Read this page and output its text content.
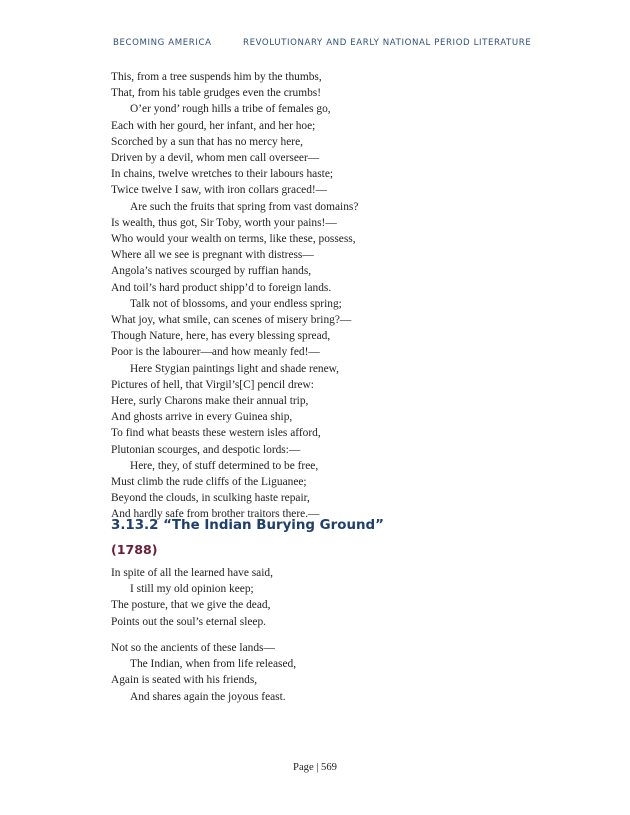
BECOMING AMERICA	REVOLUTIONARY AND EARLY NATIONAL PERIOD LITERATURE
This, from a tree suspends him by the thumbs,
That, from his table grudges even the crumbs!
O’er yond’ rough hills a tribe of females go,
Each with her gourd, her infant, and her hoe;
Scorched by a sun that has no mercy here,
Driven by a devil, whom men call overseer—
In chains, twelve wretches to their labours haste;
Twice twelve I saw, with iron collars graced!—
Are such the fruits that spring from vast domains?
Is wealth, thus got, Sir Toby, worth your pains!—
Who would your wealth on terms, like these, possess,
Where all we see is pregnant with distress—
Angola’s natives scourged by ruffian hands,
And toil’s hard product shipp’d to foreign lands.
Talk not of blossoms, and your endless spring;
What joy, what smile, can scenes of misery bring?—
Though Nature, here, has every blessing spread,
Poor is the labourer—and how meanly fed!—
Here Stygian paintings light and shade renew,
Pictures of hell, that Virgil’s[C] pencil drew:
Here, surly Charons make their annual trip,
And ghosts arrive in every Guinea ship,
To find what beasts these western isles afford,
Plutonian scourges, and despotic lords:—
Here, they, of stuff determined to be free,
Must climb the rude cliffs of the Liguanee;
Beyond the clouds, in sculking haste repair,
And hardly safe from brother traitors there.—
3.13.2 “The Indian Burying Ground”
(1788)
In spite of all the learned have said,
I still my old opinion keep;
The posture, that we give the dead,
Points out the soul’s eternal sleep.
Not so the ancients of these lands—
The Indian, when from life released,
Again is seated with his friends,
And shares again the joyous feast.
Page | 569
